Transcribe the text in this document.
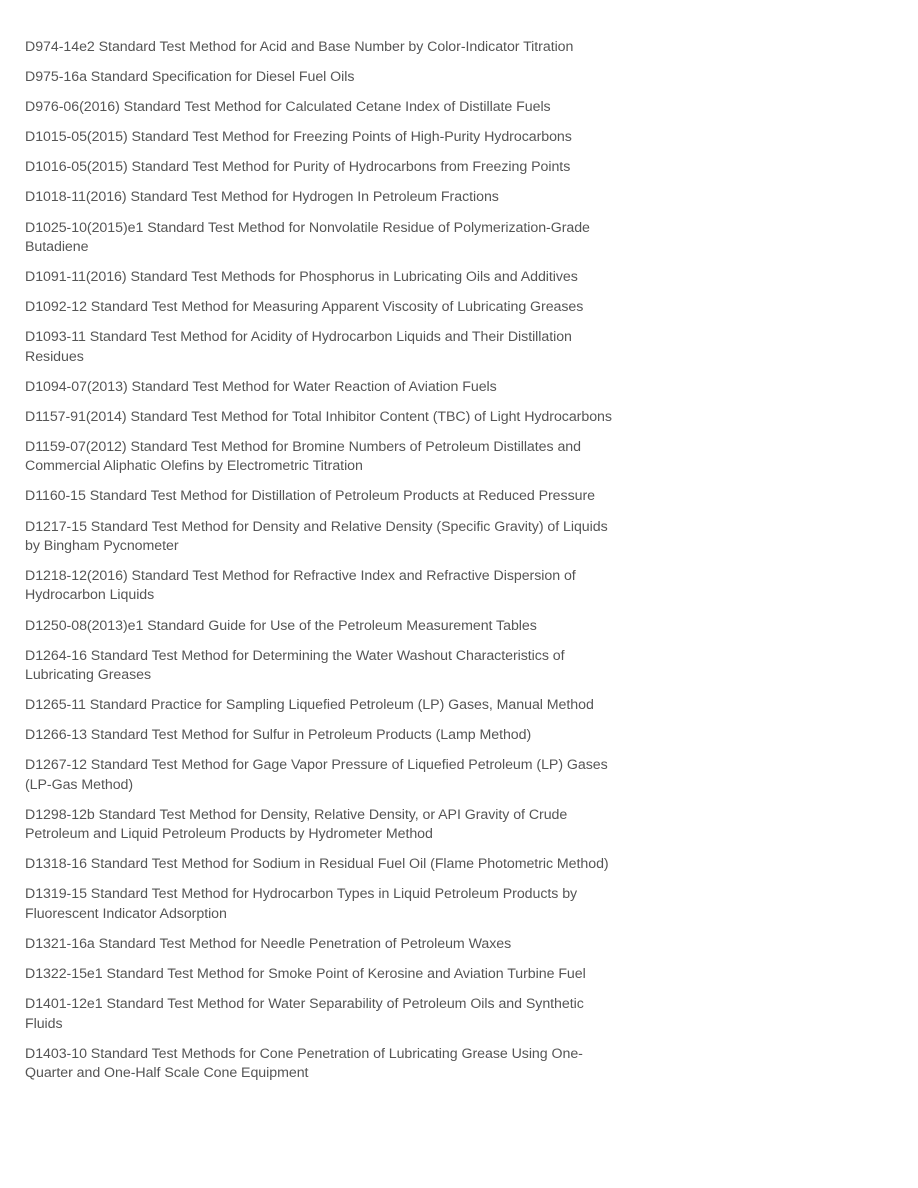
D974-14e2 Standard Test Method for Acid and Base Number by Color-Indicator Titration

D975-16a Standard Specification for Diesel Fuel Oils

D976-06(2016) Standard Test Method for Calculated Cetane Index of Distillate Fuels

D1015-05(2015) Standard Test Method for Freezing Points of High-Purity Hydrocarbons

D1016-05(2015) Standard Test Method for Purity of Hydrocarbons from Freezing Points

D1018-11(2016) Standard Test Method for Hydrogen In Petroleum Fractions

D1025-10(2015)e1 Standard Test Method for Nonvolatile Residue of Polymerization-Grade Butadiene

D1091-11(2016) Standard Test Methods for Phosphorus in Lubricating Oils and Additives

D1092-12 Standard Test Method for Measuring Apparent Viscosity of Lubricating Greases

D1093-11 Standard Test Method for Acidity of Hydrocarbon Liquids and Their Distillation Residues

D1094-07(2013) Standard Test Method for Water Reaction of Aviation Fuels

D1157-91(2014) Standard Test Method for Total Inhibitor Content (TBC) of Light Hydrocarbons

D1159-07(2012) Standard Test Method for Bromine Numbers of Petroleum Distillates and Commercial Aliphatic Olefins by Electrometric Titration

D1160-15 Standard Test Method for Distillation of Petroleum Products at Reduced Pressure

D1217-15 Standard Test Method for Density and Relative Density (Specific Gravity) of Liquids by Bingham Pycnometer

D1218-12(2016) Standard Test Method for Refractive Index and Refractive Dispersion of Hydrocarbon Liquids

D1250-08(2013)e1 Standard Guide for Use of the Petroleum Measurement Tables

D1264-16 Standard Test Method for Determining the Water Washout Characteristics of Lubricating Greases

D1265-11 Standard Practice for Sampling Liquefied Petroleum (LP) Gases, Manual Method

D1266-13 Standard Test Method for Sulfur in Petroleum Products (Lamp Method)

D1267-12 Standard Test Method for Gage Vapor Pressure of Liquefied Petroleum (LP) Gases (LP-Gas Method)

D1298-12b Standard Test Method for Density, Relative Density, or API Gravity of Crude Petroleum and Liquid Petroleum Products by Hydrometer Method

D1318-16 Standard Test Method for Sodium in Residual Fuel Oil (Flame Photometric Method)

D1319-15 Standard Test Method for Hydrocarbon Types in Liquid Petroleum Products by Fluorescent Indicator Adsorption

D1321-16a Standard Test Method for Needle Penetration of Petroleum Waxes

D1322-15e1 Standard Test Method for Smoke Point of Kerosine and Aviation Turbine Fuel

D1401-12e1 Standard Test Method for Water Separability of Petroleum Oils and Synthetic Fluids

D1403-10 Standard Test Methods for Cone Penetration of Lubricating Grease Using One-Quarter and One-Half Scale Cone Equipment
